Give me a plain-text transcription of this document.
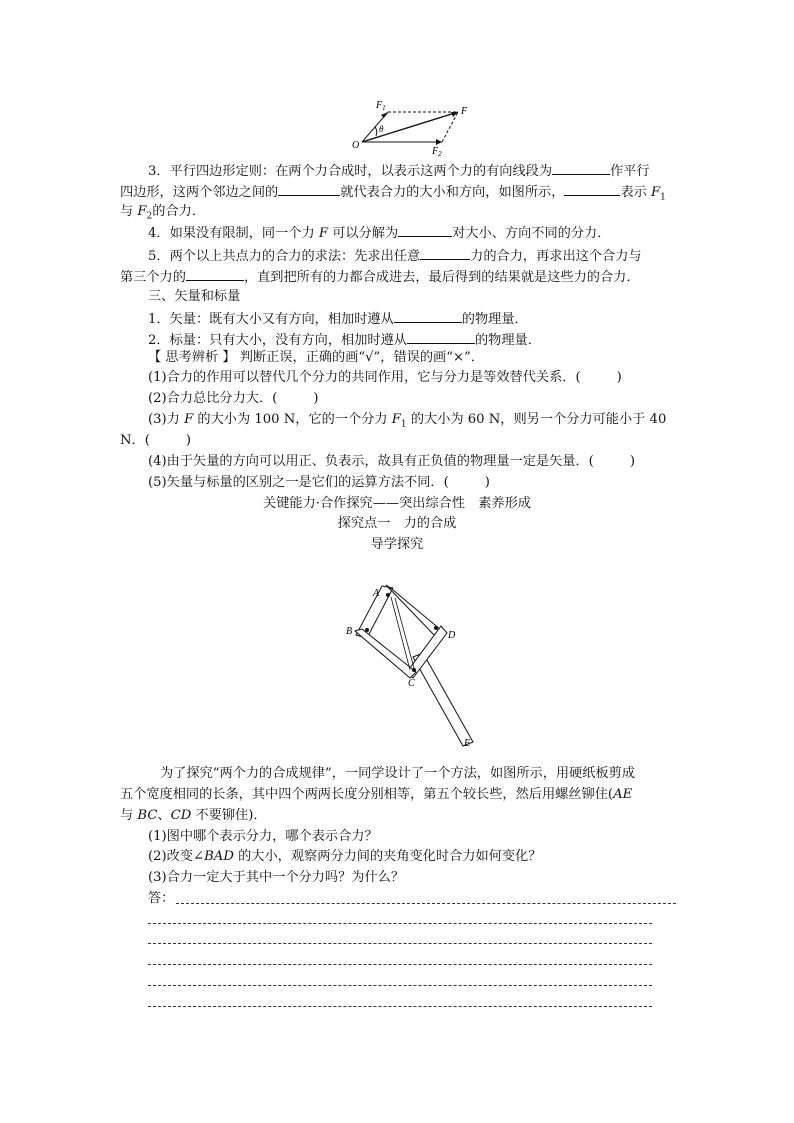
$F_1$	F
$F_2$
O
θ
3．平行四边形定则：在两个力合成时，以表示这两个力的有向线段为	作平行
四边形，这两个邻边之间的	就代表合力的大小和方向，如图所示，	表示 $F_1$
与 $F_2$的合力．
4．如果没有限制，同一个力 F 可以分解为	对大小、方向不同的分力．
5．两个以上共点力的合力的求法：先求出任意	力的合力，再求出这个合力与
第三个力的	，直到把所有的力都合成进去，最后得到的结果就是这些力的合力．
三、矢量和标量
1．矢量：既有大小又有方向，相加时遵从	的物理量．
2．标量：只有大小，没有方向，相加时遵从	的物理量．
【 思考辨析 】 判断正误，正确的画“√”，错误的画“×”．
(1)合力的作用可以替代几个分力的共同作用，它与分力是等效替代关系．(	)
(2)合力总比分力大．(	)
(3)力 F 的大小为 100 N，它的一个分力 $F_1$ 的大小为 60 N，则另一个分力可能小于 40
N．(	)
(4)由于矢量的方向可以用正、负表示，故具有正负值的物理量一定是矢量．(	)
(5)矢量与标量的区别之一是它们的运算方法不同．(	)
关键能力·合作探究——突出综合性　素养形成
探究点一　力的合成
导学探究
A
B	D
C
E
为了探究“两个力的合成规律”，一同学设计了一个方法，如图所示，用硬纸板剪成
五个宽度相同的长条，其中四个两两长度分别相等，第五个较长些，然后用螺丝铆住(AE
与 BC、CD 不要铆住)．
(1)图中哪个表示分力，哪个表示合力？
(2)改变∠BAD 的大小，观察两分力间的夹角变化时合力如何变化？
(3)合力一定大于其中一个分力吗？为什么？
答：
